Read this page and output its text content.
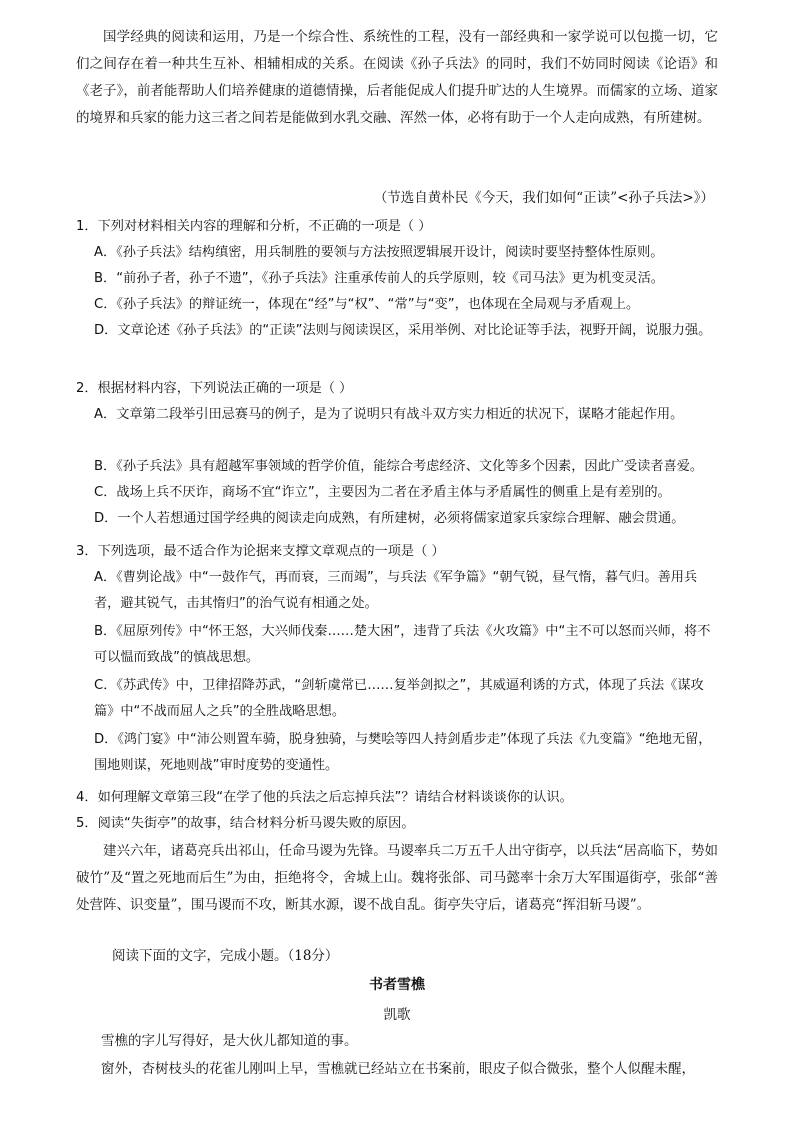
国学经典的阅读和运用，乃是一个综合性、系统性的工程，没有一部经典和一家学说可以包揽一切，它们之间存在着一种共生互补、相辅相成的关系。在阅读《孙子兵法》的同时，我们不妨同时阅读《论语》和《老子》，前者能帮助人们培养健康的道德情操，后者能促成人们提升旷达的人生境界。而儒家的立场、道家的境界和兵家的能力这三者之间若是能做到水乳交融、浑然一体，必将有助于一个人走向成熟，有所建树。
（节选自黄朴民《今天，我们如何“正读”<孙子兵法>》）
1．下列对材料相关内容的理解和分析，不正确的一项是（ ）
A．《孙子兵法》结构缜密，用兵制胜的要领与方法按照逻辑展开设计，阅读时要坚持整体性原则。
B．“前孙子者，孙子不遗”，《孙子兵法》注重承传前人的兵学原则，较《司马法》更为机变灵活。
C．《孙子兵法》的辩证统一，体现在“经”与“权”、“常”与“变”，也体现在全局观与矛盾观上。
D．文章论述《孙子兵法》的“正读”法则与阅读误区，采用举例、对比论证等手法，视野开阔，说服力强。
2．根据材料内容，下列说法正确的一项是（ ）
A．文章第二段举引田忌赛马的例子，是为了说明只有战斗双方实力相近的状况下，谋略才能起作用。
B．《孙子兵法》具有超越军事领域的哲学价值，能综合考虑经济、文化等多个因素，因此广受读者喜爱。
C．战场上兵不厌诈，商场不宜“诈立”，主要因为二者在矛盾主体与矛盾属性的侧重上是有差别的。
D．一个人若想通过国学经典的阅读走向成熟，有所建树，必须将儒家道家兵家综合理解、融会贯通。
3．下列选项，最不适合作为论据来支撑文章观点的一项是（ ）
A．《曹刿论战》中“一鼓作气，再而衰，三而竭”，与兵法《军争篇》“朝气锐，昼气惰，暮气归。善用兵者，避其锐气，击其惰归”的治气说有相通之处。
B．《屈原列传》中“怀王怒，大兴师伐秦……楚大困”，违背了兵法《火攻篇》中“主不可以怒而兴师，将不可以愠而致战”的慎战思想。
C．《苏武传》中，卫律招降苏武，“剑斩虞常已……复举剑拟之”，其威逼利诱的方式，体现了兵法《谋攻篇》中“不战而屈人之兵”的全胜战略思想。
D．《鸿门宴》中“沛公则置车骑，脱身独骑，与樊哙等四人持剑盾步走”体现了兵法《九变篇》“绝地无留，围地则谋，死地则战”审时度势的变通性。
4．如何理解文章第三段“在学了他的兵法之后忘掉兵法”？请结合材料谈谈你的认识。
5．阅读“失街亭”的故事，结合材料分析马谡失败的原因。
建兴六年，诸葛亮兵出祁山，任命马谡为先锋。马谡率兵二万五千人出守街亭，以兵法“居高临下，势如破竹”及“置之死地而后生”为由，拒绝将令，舍城上山。魏将张郃、司马懿率十余万大军围逼街亭，张郃“善处营阵、识变量”，围马谡而不攻，断其水源，谡不战自乱。街亭失守后，诸葛亮“挥泪斩马谡”。
阅读下面的文字，完成小题。（18分）
书者雪樵
凯歌
雪樵的字儿写得好，是大伙儿都知道的事。
窗外，杏树枝头的花雀儿刚叫上早，雪樵就已经站立在书案前，眼皮子似合微张，整个人似醒未醒，
